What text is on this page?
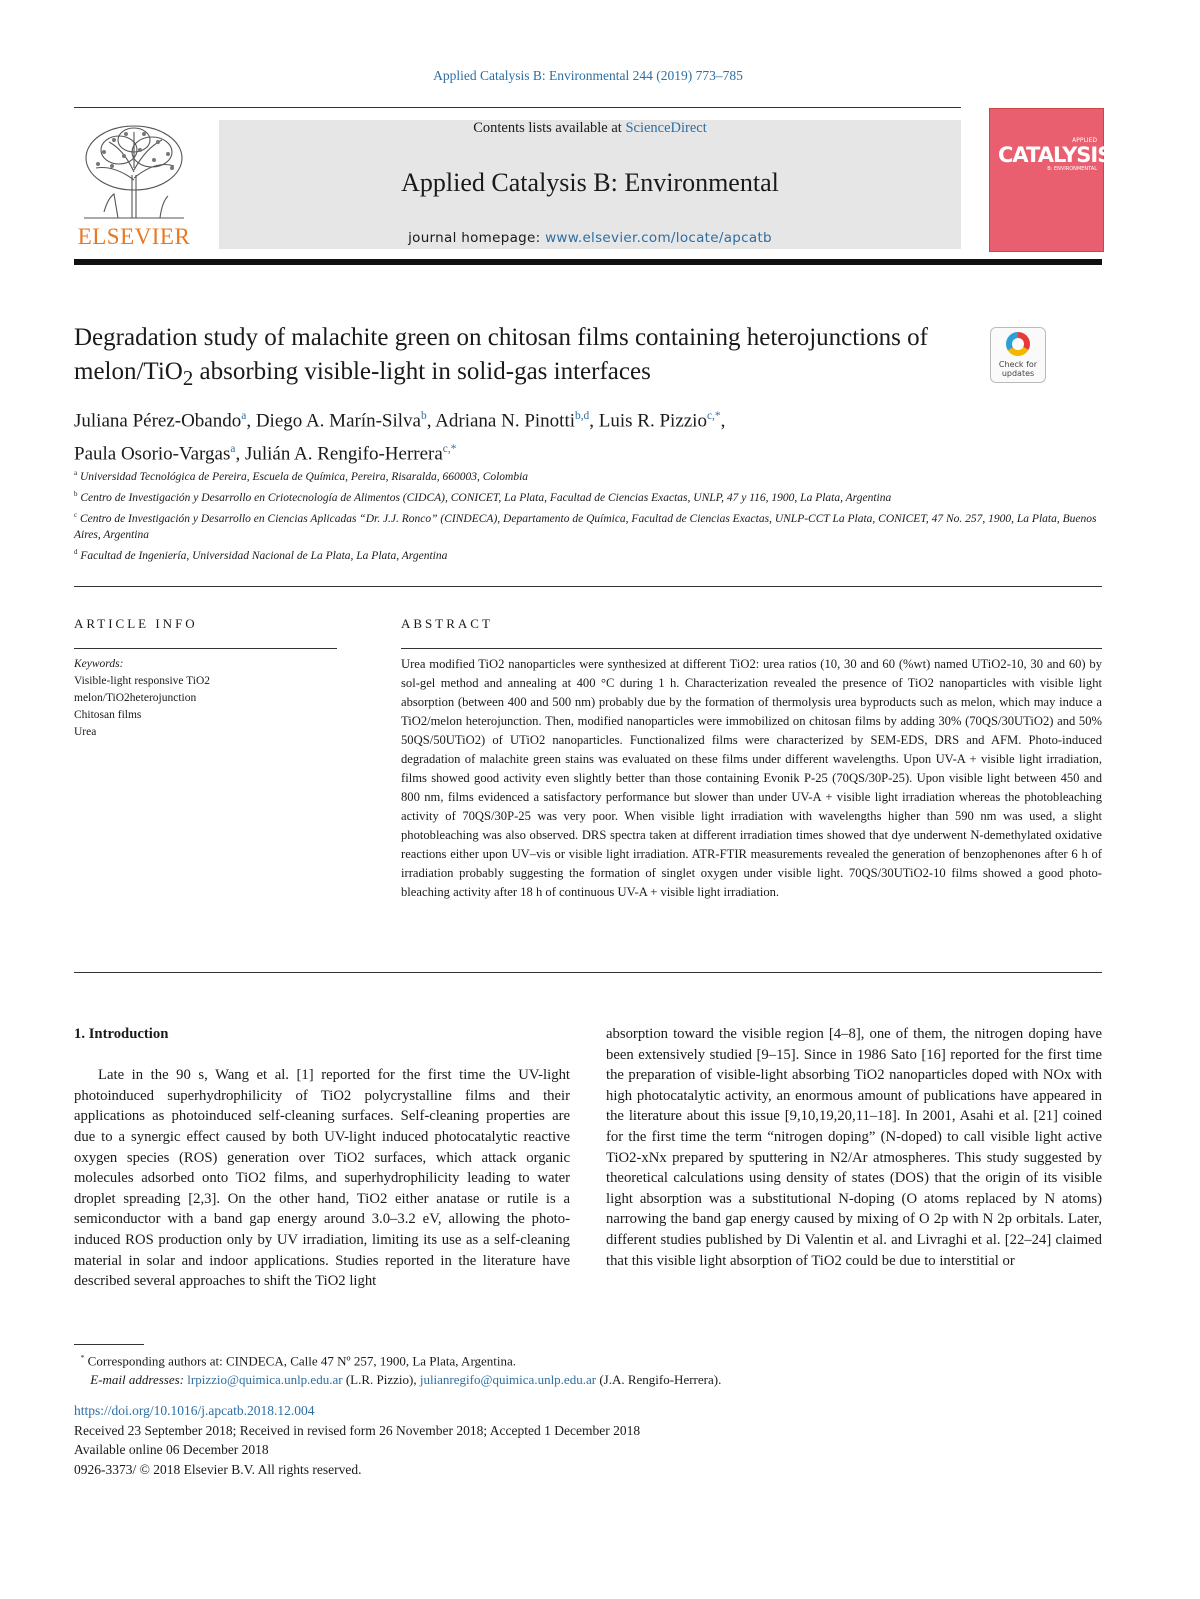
Applied Catalysis B: Environmental 244 (2019) 773–785
ELSEVIER
Contents lists available at ScienceDirect
Applied Catalysis B: Environmental
journal homepage: www.elsevier.com/locate/apcatb
APPLIED
CATALYSIS
B: ENVIRONMENTAL
Degradation study of malachite green on chitosan films containing heterojunctions of melon/TiO$_2$ absorbing visible-light in solid-gas interfaces	Check for
updates
Juliana Pérez-Obando$^a$, Diego A. Marín-Silva$^b$, Adriana N. Pinotti$^{b,d}$, Luis R. Pizzio$^{c,*}$,
Paula Osorio-Vargas$^a$, Julián A. Rengifo-Herrera$^{c,*}$

$^a$ Universidad Tecnológica de Pereira, Escuela de Química, Pereira, Risaralda, 660003, Colombia

$^b$ Centro de Investigación y Desarrollo en Criotecnología de Alimentos (CIDCA), CONICET, La Plata, Facultad de Ciencias Exactas, UNLP, 47 y 116, 1900, La Plata, Argentina

$^c$ Centro de Investigación y Desarrollo en Ciencias Aplicadas “Dr. J.J. Ronco” (CINDECA), Departamento de Química, Facultad de Ciencias Exactas, UNLP-CCT La Plata, CONICET, 47 No. 257, 1900, La Plata, Buenos Aires, Argentina

$^d$ Facultad de Ingeniería, Universidad Nacional de La Plata, La Plata, Argentina

ARTICLE INFO	ABSTRACT
Keywords:
Visible-light responsive TiO2
melon/TiO2heterojunction
Chitosan films
Urea
Urea modified TiO2 nanoparticles were synthesized at different TiO2: urea ratios (10, 30 and 60 (%wt) named UTiO2-10, 30 and 60) by sol-gel method and annealing at 400 °C during 1 h. Characterization revealed the presence of TiO2 nanoparticles with visible light absorption (between 400 and 500 nm) probably due by the formation of thermolysis urea byproducts such as melon, which may induce a TiO2/melon heterojunction. Then, modified nanoparticles were immobilized on chitosan films by adding 30% (70QS/30UTiO2) and 50% 50QS/50UTiO2) of UTiO2 nanoparticles. Functionalized films were characterized by SEM-EDS, DRS and AFM. Photo-induced degradation of malachite green stains was evaluated on these films under different wavelengths. Upon UV-A + visible light irradiation, films showed good activity even slightly better than those containing Evonik P-25 (70QS/30P-25). Upon visible light between 450 and 800 nm, films evidenced a satisfactory performance but slower than under UV-A + visible light irradiation whereas the photobleaching activity of 70QS/30P-25 was very poor. When visible light irradiation with wavelengths higher than 590 nm was used, a slight photobleaching was also observed. DRS spectra taken at different irradiation times showed that dye underwent N-demethylated oxidative reactions either upon UV–vis or visible light irradiation. ATR-FTIR measurements revealed the generation of benzophenones after 6 h of irradiation probably suggesting the formation of singlet oxygen under visible light. 70QS/30UTiO2-10 films showed a good photo-bleaching activity after 18 h of continuous UV-A + visible light irradiation.
1. Introduction

Late in the 90 s, Wang et al. [1] reported for the first time the UV-light photoinduced superhydrophilicity of TiO2 polycrystalline films and their applications as photoinduced self-cleaning surfaces. Self-cleaning properties are due to a synergic effect caused by both UV-light induced photocatalytic reactive oxygen species (ROS) generation over TiO2 surfaces, which attack organic molecules adsorbed onto TiO2 films, and superhydrophilicity leading to water droplet spreading [2,3]. On the other hand, TiO2 either anatase or rutile is a semiconductor with a band gap energy around 3.0–3.2 eV, allowing the photo-induced ROS production only by UV irradiation, limiting its use as a self-cleaning material in solar and indoor applications. Studies reported in the literature have described several approaches to shift the TiO2 light

absorption toward the visible region [4–8], one of them, the nitrogen doping have been extensively studied [9–15]. Since in 1986 Sato [16] reported for the first time the preparation of visible-light absorbing TiO2 nanoparticles doped with NOx with high photocatalytic activity, an enormous amount of publications have appeared in the literature about this issue [9,10,19,20,11–18]. In 2001, Asahi et al. [21] coined for the first time the term “nitrogen doping” (N-doped) to call visible light active TiO2-xNx prepared by sputtering in N2/Ar atmospheres. This study suggested by theoretical calculations using density of states (DOS) that the origin of its visible light absorption was a substitutional N-doping (O atoms replaced by N atoms) narrowing the band gap energy caused by mixing of O 2p with N 2p orbitals. Later, different studies published by Di Valentin et al. and Livraghi et al. [22–24] claimed that this visible light absorption of TiO2 could be due to interstitial or

* Corresponding authors at: CINDECA, Calle 47 Nº 257, 1900, La Plata, Argentina.
E-mail addresses: lrpizzio@quimica.unlp.edu.ar (L.R. Pizzio), julianregifo@quimica.unlp.edu.ar (J.A. Rengifo-Herrera).
https://doi.org/10.1016/j.apcatb.2018.12.004
Received 23 September 2018; Received in revised form 26 November 2018; Accepted 1 December 2018
Available online 06 December 2018
0926-3373/ © 2018 Elsevier B.V. All rights reserved.
